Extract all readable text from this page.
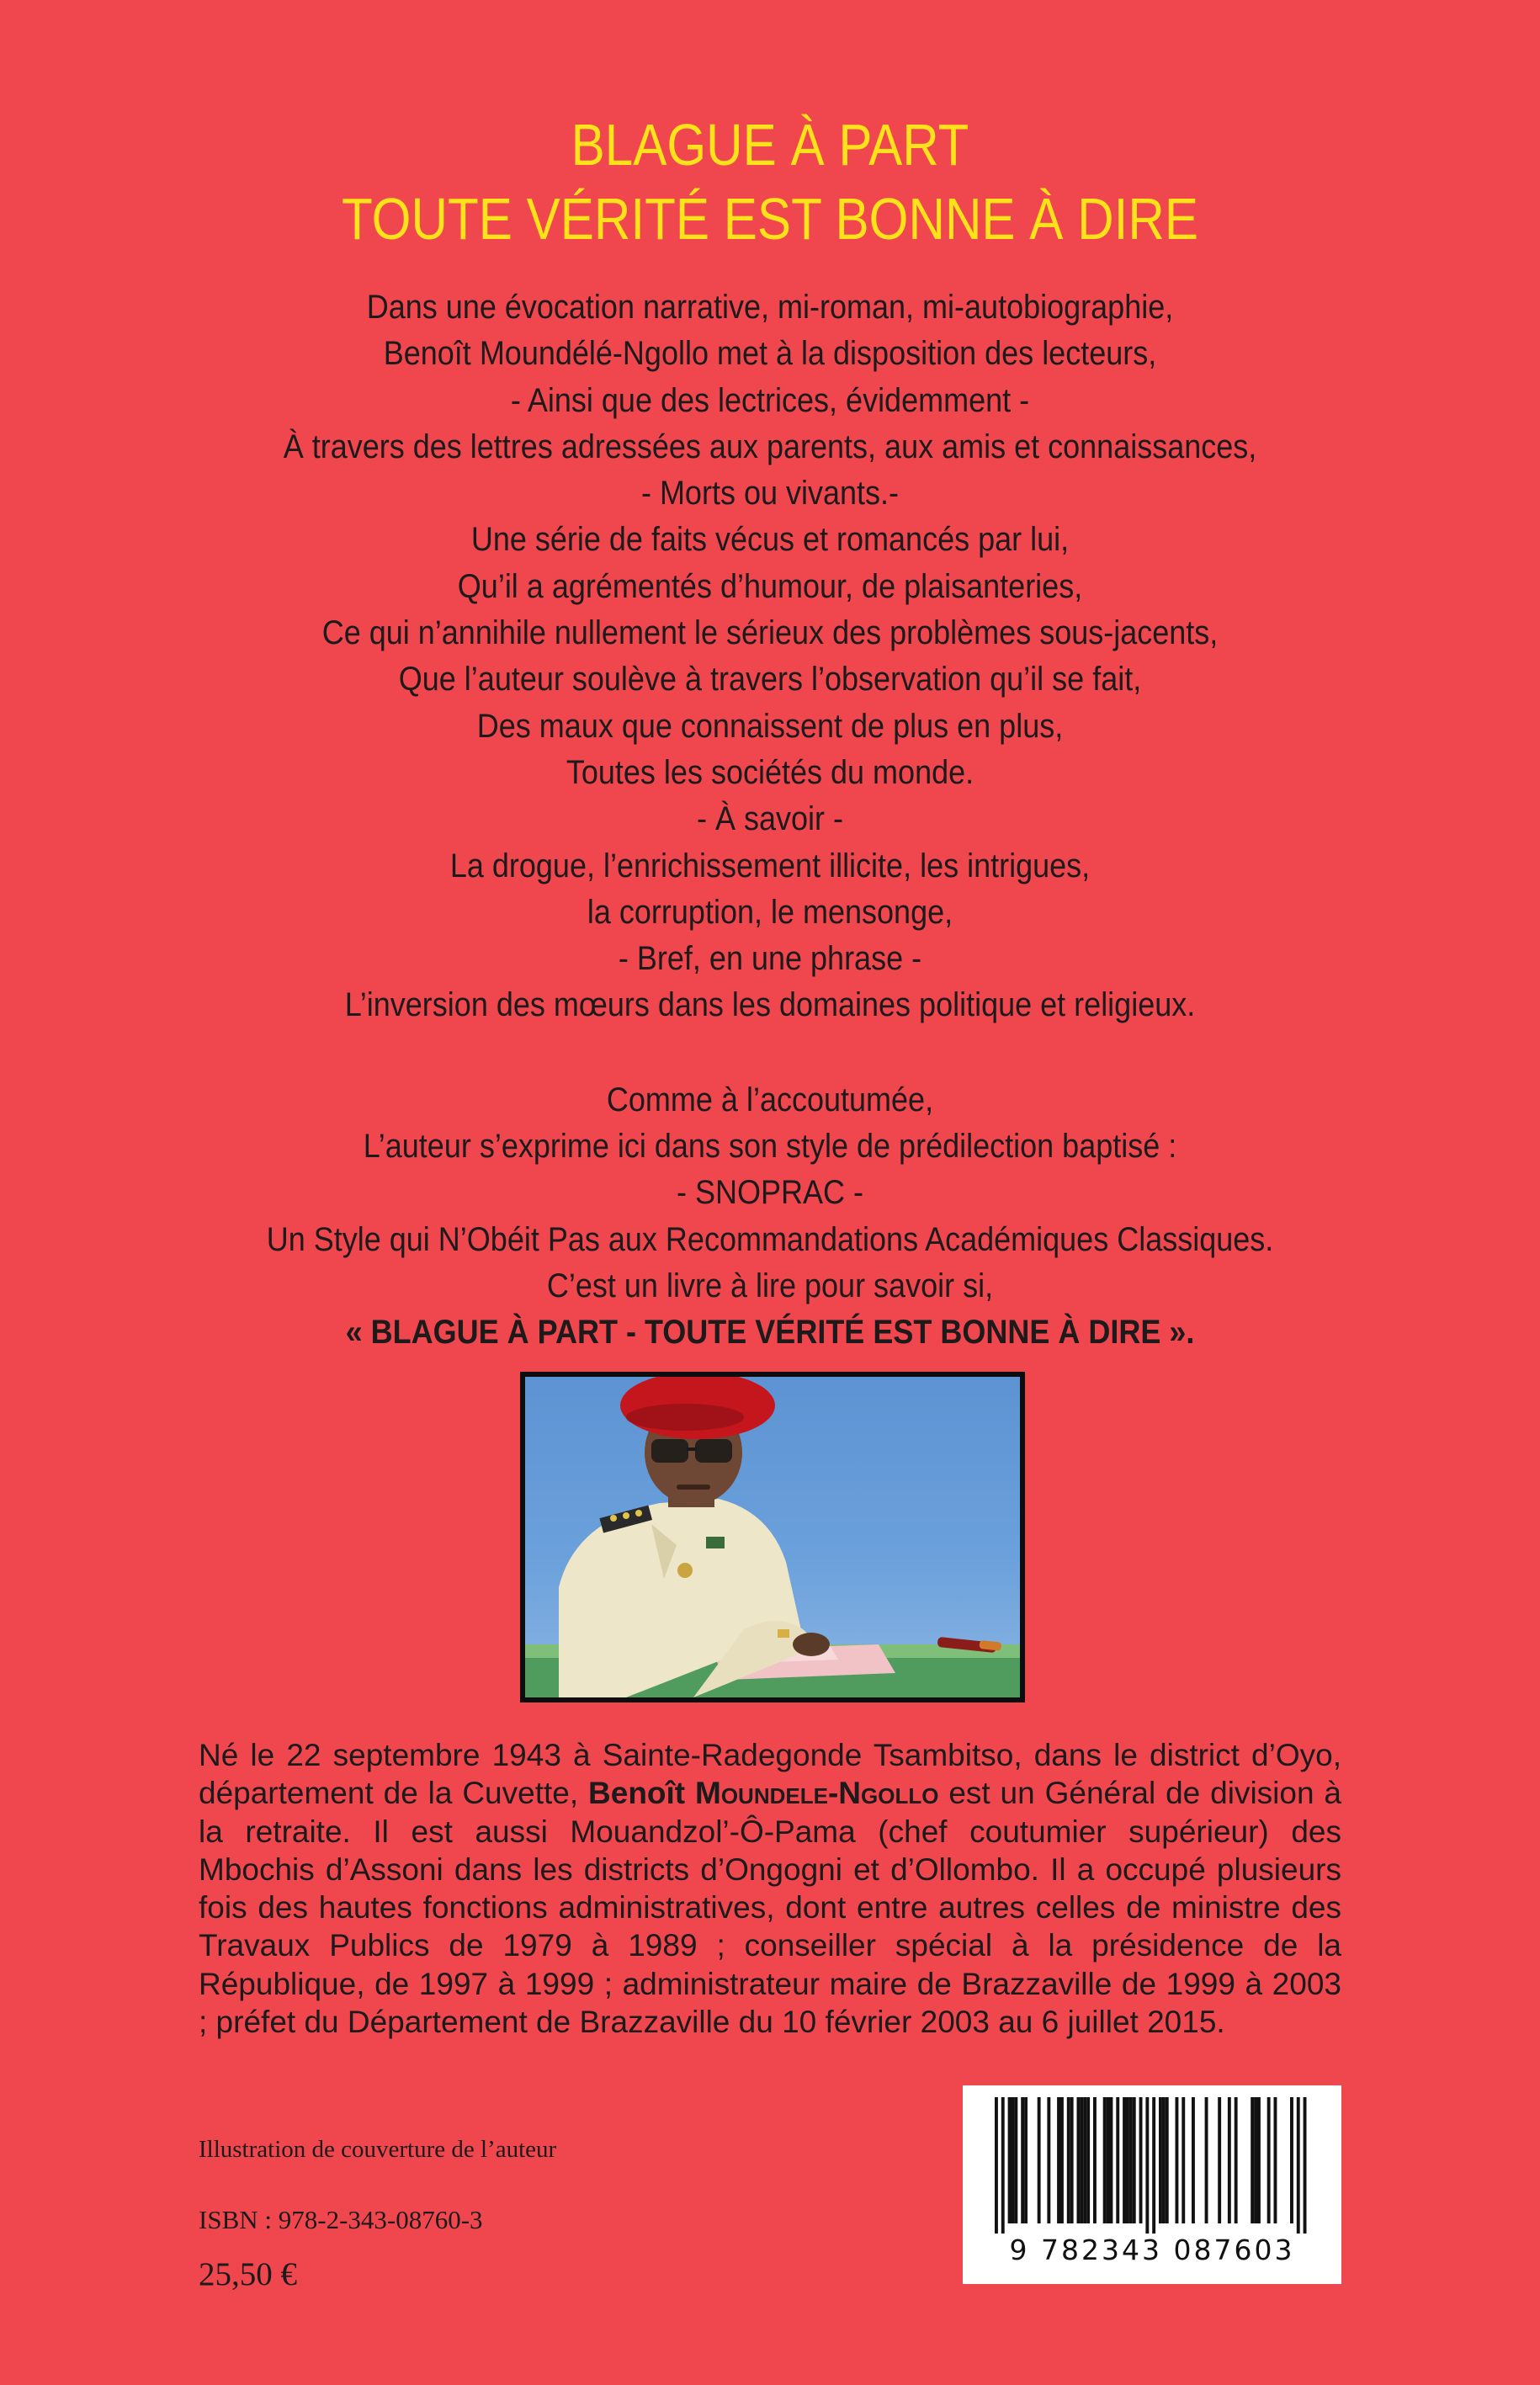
BLAGUE À PART
TOUTE VÉRITÉ EST BONNE À DIRE
Dans une évocation narrative, mi-roman, mi-autobiographie,
Benoît Moundélé-Ngollo met à la disposition des lecteurs,
- Ainsi que des lectrices, évidemment -
À travers des lettres adressées aux parents, aux amis et connaissances,
- Morts ou vivants.-
Une série de faits vécus et romancés par lui,
Qu’il a agrémentés d’humour, de plaisanteries,
Ce qui n’annihile nullement le sérieux des problèmes sous-jacents,
Que l’auteur soulève à travers l’observation qu’il se fait,
Des maux que connaissent de plus en plus,
Toutes les sociétés du monde.
- À savoir -
La drogue, l’enrichissement illicite, les intrigues,
la corruption, le mensonge,
- Bref, en une phrase -
L’inversion des mœurs dans les domaines politique et religieux.
Comme à l’accoutumée,
L’auteur s’exprime ici dans son style de prédilection baptisé :
- SNOPRAC -
Un Style qui N’Obéit Pas aux Recommandations Académiques Classiques.
C’est un livre à lire pour savoir si,
« BLAGUE À PART - TOUTE VÉRITÉ EST BONNE À DIRE ».
Né le 22 septembre 1943 à Sainte-Radegonde Tsambitso, dans le district d’Oyo, département de la Cuvette, Benoît Moundele-Ngollo est un Général de division à la retraite. Il est aussi Mouandzol’-Ô-Pama (chef coutumier supérieur) des Mbochis d’Assoni dans les districts d’Ongogni et d’Ollombo. Il a occupé plusieurs fois des hautes fonctions administratives, dont entre autres celles de ministre des Travaux Publics de 1979 à 1989 ; conseiller spécial à la présidence de la République, de 1997 à 1999 ; administrateur maire de Brazzaville de 1999 à 2003 ; préfet du Département de Brazzaville du 10 février 2003 au 6 juillet 2015.
Illustration de couverture de l’auteur
ISBN : 978-2-343-08760-3
25,50 €
9 782343 087603
